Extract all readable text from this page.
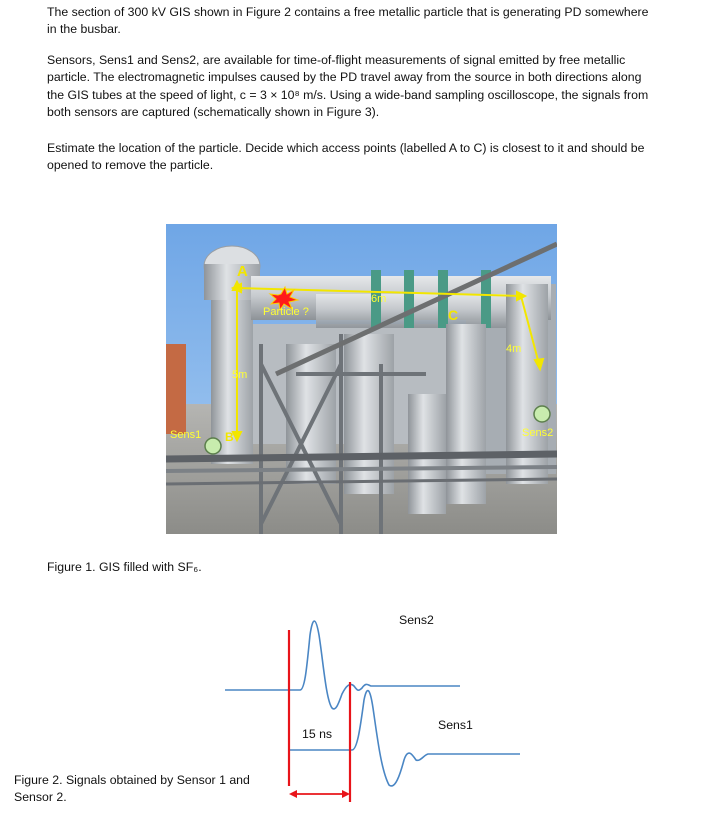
The section of 300 kV GIS shown in Figure 2 contains a free metallic particle that is generating PD somewhere in the busbar.

Sensors, Sens1 and Sens2, are available for time-of-flight measurements of signal emitted by free metallic particle. The electromagnetic impulses caused by the PD travel away from the source in both directions along the GIS tubes at the speed of light, c = 3 × 10⁸ m/s. Using a wide-band sampling oscilloscope, the signals from both sensors are captured (schematically shown in Figure 3).

Estimate the location of the particle. Decide which access points (labelled A to C) is closest to it and should be opened to remove the particle.

A
B
C
Particle ?
6m
5m
4m
Sens1	Sens2
Figure 1. GIS filled with SF₆.
Sens2
Sens1
15 ns
Figure 2. Signals obtained by Sensor 1 and Sensor 2.
